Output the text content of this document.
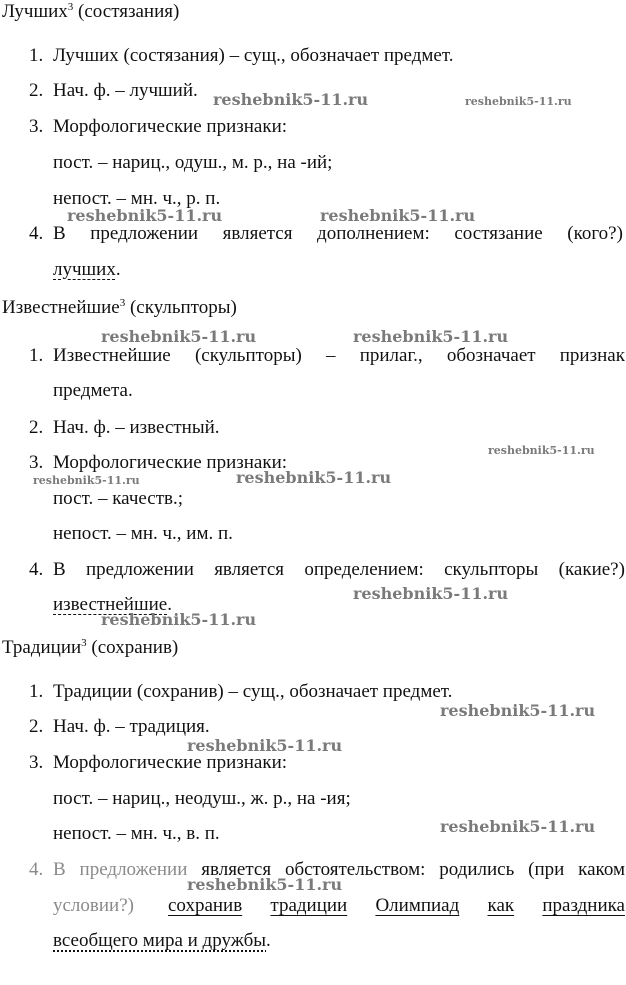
Лучших$^3$ (состязания)
1. Лучших (состязания) – сущ., обозначает предмет.
2. Нач. ф. – лучший.
3. Морфологические признаки:
пост. – нариц., одуш., м. р., на -ий;
непост. – мн. ч., р. п.
4. В предложении является дополнением: состязание (кого?)
лучших.
Известнейшие$^3$ (скульпторы)
1. Известнейшие (скульпторы) – прилаг., обозначает признак
предмета.
2. Нач. ф. – известный.
3. Морфологические признаки:
пост. – качеств.;
непост. – мн. ч., им. п.
4. В предложении является определением: скульпторы (какие?)
известнейшие.
Традиции$^3$ (сохранив)
1. Традиции (сохранив) – сущ., обозначает предмет.
2. Нач. ф. – традиция.
3. Морфологические признаки:
пост. – нариц., неодуш., ж. р., на -ия;
непост. – мн. ч., в. п.
4. В предложении является обстоятельством: родились (при каком
условии?) сохранив традиции Олимпиад как праздника
всеобщего мира и дружбы.
reshebnik5-11.ru	reshebnik5-11.ru
reshebnik5-11.ru	reshebnik5-11.ru
reshebnik5-11.ru	reshebnik5-11.ru
reshebnik5-11.ru
reshebnik5-11.ru	reshebnik5-11.ru
reshebnik5-11.ru
reshebnik5-11.ru
reshebnik5-11.ru
reshebnik5-11.ru
reshebnik5-11.ru
reshebnik5-11.ru
